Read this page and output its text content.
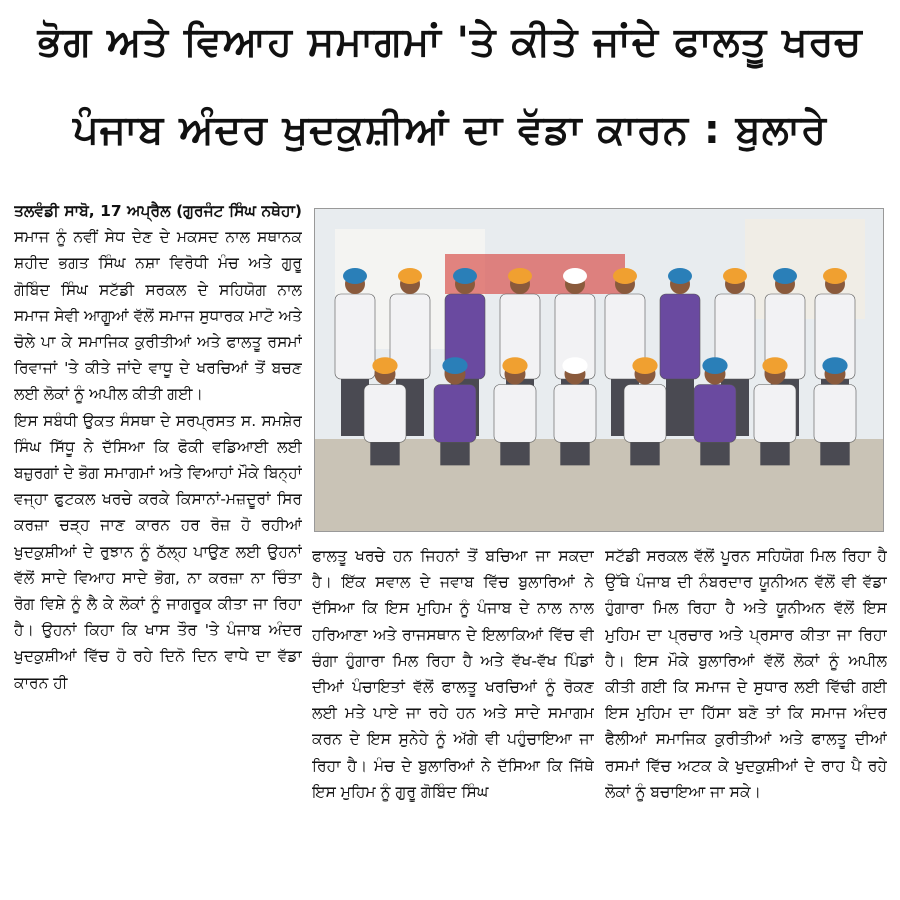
ਭੋਗ ਅਤੇ ਵਿਆਹ ਸਮਾਗਮਾਂ 'ਤੇ ਕੀਤੇ ਜਾਂਦੇ ਫਾਲਤੂ ਖਰਚ
ਪੰਜਾਬ ਅੰਦਰ ਖੁਦਕੁਸ਼ੀਆਂ ਦਾ ਵੱਡਾ ਕਾਰਨ : ਬੁਲਾਰੇ

ਤਲਵੰਡੀ ਸਾਬੋ, 17 ਅਪ੍ਰੈਲ (ਗੁਰਜੰਟ ਸਿੰਘ ਨਥੇਹਾ) ਸਮਾਜ ਨੂੰ ਨਵੀਂ ਸੇਧ ਦੇਣ ਦੇ ਮਕਸਦ ਨਾਲ ਸਥਾਨਕ ਸ਼ਹੀਦ ਭਗਤ ਸਿੰਘ ਨਸ਼ਾ ਵਿਰੋਧੀ ਮੰਚ ਅਤੇ ਗੁਰੂ ਗੋਬਿੰਦ ਸਿੰਘ ਸਟੱਡੀ ਸਰਕਲ ਦੇ ਸਹਿਯੋਗ ਨਾਲ ਸਮਾਜ ਸੇਵੀ ਆਗੂਆਂ ਵੱਲੋਂ ਸਮਾਜ ਸੁਧਾਰਕ ਮਾਟੋ ਅਤੇ ਚੋਲੇ ਪਾ ਕੇ ਸਮਾਜਿਕ ਕੁਰੀਤੀਆਂ ਅਤੇ ਫਾਲਤੂ ਰਸਮਾਂ ਰਿਵਾਜਾਂ 'ਤੇ ਕੀਤੇ ਜਾਂਦੇ ਵਾਧੂ ਦੇ ਖਰਚਿਆਂ ਤੋਂ ਬਚਣ ਲਈ ਲੋਕਾਂ ਨੂੰ ਅਪੀਲ ਕੀਤੀ ਗਈ।

ਇਸ ਸਬੰਧੀ ਉਕਤ ਸੰਸਥਾ ਦੇ ਸਰਪ੍ਰਸਤ ਸ. ਸਮਸ਼ੇਰ ਸਿੰਘ ਸਿੱਧੂ ਨੇ ਦੱਸਿਆ ਕਿ ਫੋਕੀ ਵਡਿਆਈ ਲਈ ਬਜ਼ੁਰਗਾਂ ਦੇ ਭੋਗ ਸਮਾਗਮਾਂ ਅਤੇ ਵਿਆਹਾਂ ਮੌਕੇ ਬਿਨ੍ਹਾਂ ਵਜ੍ਹਾ ਫੁਟਕਲ ਖਰਚੇ ਕਰਕੇ ਕਿਸਾਨਾਂ-ਮਜ਼ਦੂਰਾਂ ਸਿਰ ਕਰਜ਼ਾ ਚੜ੍ਹ ਜਾਣ ਕਾਰਨ ਹਰ ਰੋਜ਼ ਹੋ ਰਹੀਆਂ ਖੁਦਕੁਸ਼ੀਆਂ ਦੇ ਰੁਝਾਨ ਨੂੰ ਠੱਲ੍ਹ ਪਾਉਣ ਲਈ ਉਹਨਾਂ ਵੱਲੋਂ ਸਾਦੇ ਵਿਆਹ ਸਾਦੇ ਭੋਗ, ਨਾ ਕਰਜ਼ਾ ਨਾ ਚਿੰਤਾ ਰੋਗ ਵਿਸ਼ੇ ਨੂੰ ਲੈ ਕੇ ਲੋਕਾਂ ਨੂੰ ਜਾਗਰੂਕ ਕੀਤਾ ਜਾ ਰਿਹਾ ਹੈ। ਉਹਨਾਂ ਕਿਹਾ ਕਿ ਖਾਸ ਤੌਰ 'ਤੇ ਪੰਜਾਬ ਅੰਦਰ ਖੁਦਕੁਸ਼ੀਆਂ ਵਿੱਚ ਹੋ ਰਹੇ ਦਿਨੋ ਦਿਨ ਵਾਧੇ ਦਾ ਵੱਡਾ ਕਾਰਨ ਹੀ

ਫਾਲਤੂ ਖਰਚੇ ਹਨ ਜਿਹਨਾਂ ਤੋਂ ਬਚਿਆ ਜਾ ਸਕਦਾ ਹੈ। ਇੱਕ ਸਵਾਲ ਦੇ ਜਵਾਬ ਵਿੱਚ ਬੁਲਾਰਿਆਂ ਨੇ ਦੱਸਿਆ ਕਿ ਇਸ ਮੁਹਿਮ ਨੂੰ ਪੰਜਾਬ ਦੇ ਨਾਲ ਨਾਲ ਹਰਿਆਣਾ ਅਤੇ ਰਾਜਸਥਾਨ ਦੇ ਇਲਾਕਿਆਂ ਵਿੱਚ ਵੀ ਚੰਗਾ ਹੁੰਗਾਰਾ ਮਿਲ ਰਿਹਾ ਹੈ ਅਤੇ ਵੱਖ-ਵੱਖ ਪਿੰਡਾਂ ਦੀਆਂ ਪੰਚਾਇਤਾਂ ਵੱਲੋਂ ਫਾਲਤੂ ਖਰਚਿਆਂ ਨੂੰ ਰੋਕਣ ਲਈ ਮਤੇ ਪਾਏ ਜਾ ਰਹੇ ਹਨ ਅਤੇ ਸਾਦੇ ਸਮਾਗਮ ਕਰਨ ਦੇ ਇਸ ਸੁਨੇਹੇ ਨੂੰ ਅੱਗੇ ਵੀ ਪਹੁੰਚਾਇਆ ਜਾ ਰਿਹਾ ਹੈ। ਮੰਚ ਦੇ ਬੁਲਾਰਿਆਂ ਨੇ ਦੱਸਿਆ ਕਿ ਜਿੱਥੇ ਇਸ ਮੁਹਿਮ ਨੂੰ ਗੁਰੂ ਗੋਬਿੰਦ ਸਿੰਘ
ਸਟੱਡੀ ਸਰਕਲ ਵੱਲੋਂ ਪੂਰਨ ਸਹਿਯੋਗ ਮਿਲ ਰਿਹਾ ਹੈ ਉੱਥੇ ਪੰਜਾਬ ਦੀ ਨੰਬਰਦਾਰ ਯੂਨੀਅਨ ਵੱਲੋਂ ਵੀ ਵੱਡਾ ਹੁੰਗਾਰਾ ਮਿਲ ਰਿਹਾ ਹੈ ਅਤੇ ਯੂਨੀਅਨ ਵੱਲੋਂ ਇਸ ਮੁਹਿਮ ਦਾ ਪ੍ਰਚਾਰ ਅਤੇ ਪ੍ਰਸਾਰ ਕੀਤਾ ਜਾ ਰਿਹਾ ਹੈ। ਇਸ ਮੌਕੇ ਬੁਲਾਰਿਆਂ ਵੱਲੋਂ ਲੋਕਾਂ ਨੂੰ ਅਪੀਲ ਕੀਤੀ ਗਈ ਕਿ ਸਮਾਜ ਦੇ ਸੁਧਾਰ ਲਈ ਵਿੱਢੀ ਗਈ ਇਸ ਮੁਹਿਮ ਦਾ ਹਿੱਸਾ ਬਣੋ ਤਾਂ ਕਿ ਸਮਾਜ ਅੰਦਰ ਫੈਲੀਆਂ ਸਮਾਜਿਕ ਕੁਰੀਤੀਆਂ ਅਤੇ ਫਾਲਤੂ ਦੀਆਂ ਰਸਮਾਂ ਵਿੱਚ ਅਟਕ ਕੇ ਖੁਦਕੁਸ਼ੀਆਂ ਦੇ ਰਾਹ ਪੈ ਰਹੇ ਲੋਕਾਂ ਨੂੰ ਬਚਾਇਆ ਜਾ ਸਕੇ।
